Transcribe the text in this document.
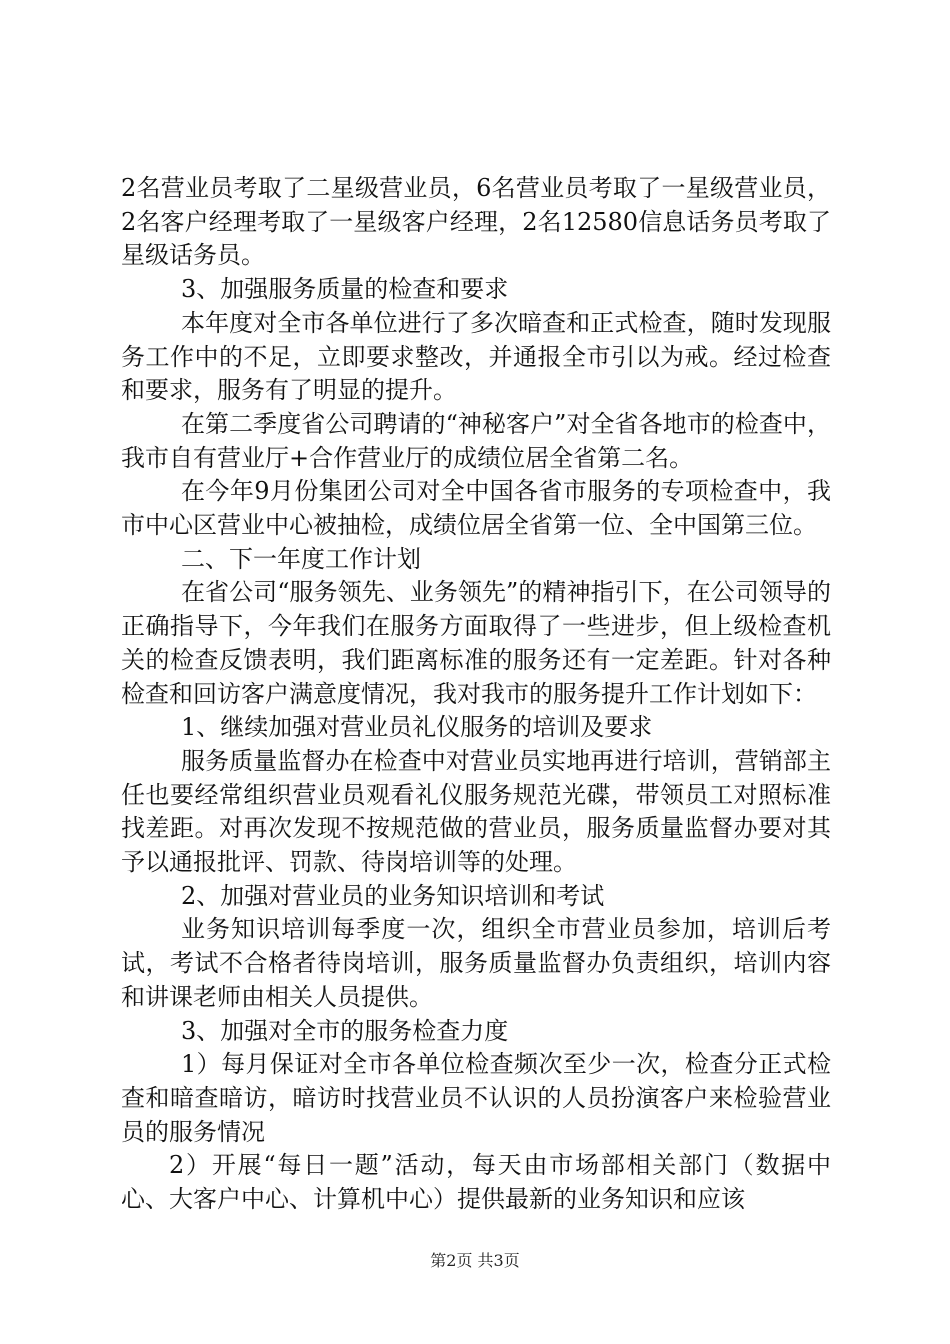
2名营业员考取了二星级营业员，6名营业员考取了一星级营业员，2名客户经理考取了一星级客户经理，2名12580信息话务员考取了星级话务员。

3、加强服务质量的检查和要求

本年度对全市各单位进行了多次暗查和正式检查，随时发现服务工作中的不足，立即要求整改，并通报全市引以为戒。经过检查和要求，服务有了明显的提升。

在第二季度省公司聘请的“神秘客户”对全省各地市的检查中，我市自有营业厅+合作营业厅的成绩位居全省第二名。

在今年9月份集团公司对全中国各省市服务的专项检查中，我市中心区营业中心被抽检，成绩位居全省第一位、全中国第三位。

二、下一年度工作计划

在省公司“服务领先、业务领先”的精神指引下，在公司领导的正确指导下，今年我们在服务方面取得了一些进步，但上级检查机关的检查反馈表明，我们距离标准的服务还有一定差距。针对各种检查和回访客户满意度情况，我对我市的服务提升工作计划如下：

1、继续加强对营业员礼仪服务的培训及要求

服务质量监督办在检查中对营业员实地再进行培训，营销部主任也要经常组织营业员观看礼仪服务规范光碟，带领员工对照标准找差距。对再次发现不按规范做的营业员，服务质量监督办要对其予以通报批评、罚款、待岗培训等的处理。

2、加强对营业员的业务知识培训和考试

业务知识培训每季度一次，组织全市营业员参加，培训后考试，考试不合格者待岗培训，服务质量监督办负责组织，培训内容和讲课老师由相关人员提供。

3、加强对全市的服务检查力度

1）每月保证对全市各单位检查频次至少一次，检查分正式检查和暗查暗访，暗访时找营业员不认识的人员扮演客户来检验营业员的服务情况

2）开展“每日一题”活动，每天由市场部相关部门（数据中心、大客户中心、计算机中心）提供最新的业务知识和应该

第2页 共3页
